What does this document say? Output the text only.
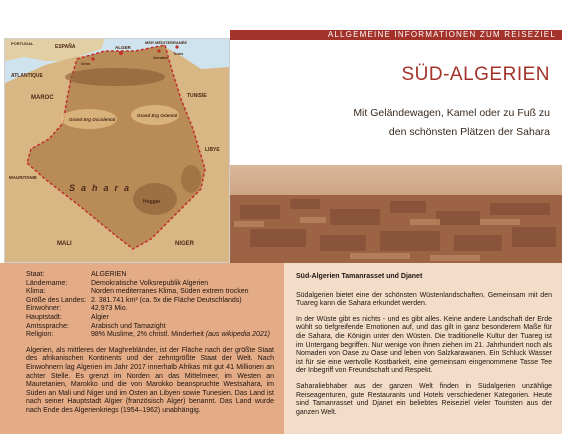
ALLGEMEINE INFORMATIONEN ZUM REISEZIEL
PORTUGAL
ESPAÑA
MER MÉDITERRANÉE
ALGER
Oran
Annaba
Tunis
ATLANTIQUE
MAROC	TUNISIE
LIBYE
MAURITANIE
MALI	NIGER
Grand Erg Occidental
Grand Erg Oriental
Sahara
Hoggar
SÜD-ALGERIEN
Mit Geländewagen, Kamel oder zu Fuß zu den schönsten Plätzen der Sahara
Staat:	ALGERIEN
Ländername:	Demokratische Volksrepublik Algerien
Klima:	Norden mediterranes Klima, Süden extrem trocken
Größe des Landes: 2. 381.741 km² (ca. 5x die Fläche Deutschlands)
Einwohner:	42,973 Mio.
Hauptstadt:	Algier
Amtssprache:	Arabisch und Tamazight
Religion:	98% Muslime, 2% christl. Minderheit (aus wikipedia 2021)

Algerien, als mittleres der Maghrebländer, ist der Fläche nach der größte Staat des afrikanischen Kontinents und der zehntgrößte Staat der Welt. Nach Einwohnern lag Algerien im Jahr 2017 innerhalb Afrikas mit gut 41 Millionen an achter Stelle. Es grenzt im Norden an das Mittelmeer, im Westen an Mauretanien, Marokko und die von Marokko beanspruchte Westsahara, im Süden an Mali und Niger und im Osten an Libyen sowie Tunesien. Das Land ist nach seiner Hauptstadt Algier (französisch Alger) benannt. Das Land wurde nach Ende des Algerienkriegs (1954–1962) unabhängig.

Süd-Algerien Tamanrasset und Djanet

Südalgerien bietet eine der schönsten Wüstenlandschaften. Gemeinsam mit den Tuareg kann die Sahara erkundet werden.

In der Wüste gibt es nichts - und es gibt alles. Keine andere Landschaft der Erde wühlt so tiefgreifende Emotionen auf, und das gilt in ganz besonderem Maße für die Sahara, die Königin unter den Wüsten. Die traditionelle Kultur der Tuareg ist im Untergang begriffen. Nur wenige von ihnen ziehen im 21. Jahrhundert noch als Nomaden von Oase zu Oase und leben von Salzkarawanen. Ein Schluck Wasser ist für sie eine wertvolle Kostbarkeit, eine gemeinsam eingenommene Tasse Tee der Inbegriff von Freundschaft und Respekt.

Saharaliebhaber aus der ganzen Welt finden in Südalgerien unzählige Reiseagenturen, gute Restaurants und Hotels verschiedener Kategorien. Heute sind Tamanrasset und Djanet ein beliebtes Reiseziel vieler Touristen aus der ganzen Welt.
